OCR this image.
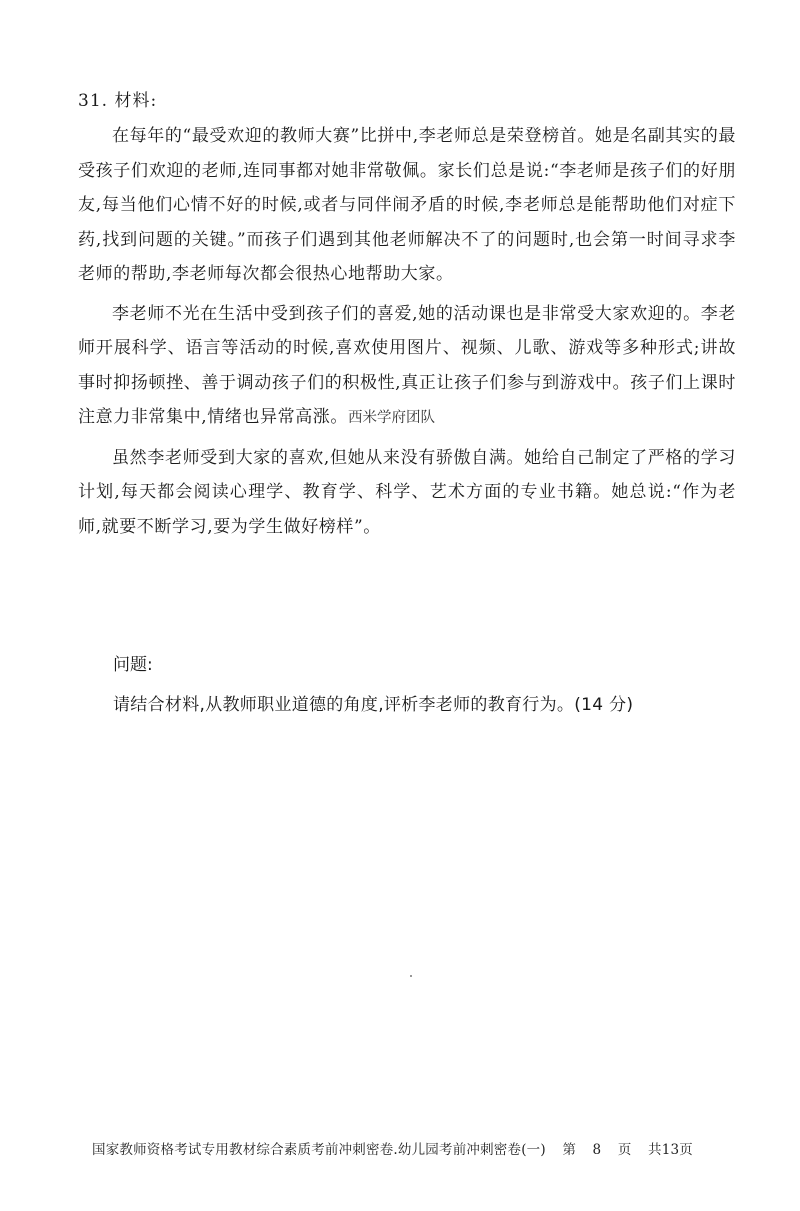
31. 材料:

在每年的“最受欢迎的教师大赛”比拼中,李老师总是荣登榜首。她是名副其实的最受孩子们欢迎的老师,连同事都对她非常敬佩。家长们总是说:“李老师是孩子们的好朋友,每当他们心情不好的时候,或者与同伴闹矛盾的时候,李老师总是能帮助他们对症下药,找到问题的关键。”而孩子们遇到其他老师解决不了的问题时,也会第一时间寻求李老师的帮助,李老师每次都会很热心地帮助大家。

李老师不光在生活中受到孩子们的喜爱,她的活动课也是非常受大家欢迎的。李老师开展科学、语言等活动的时候,喜欢使用图片、视频、儿歌、游戏等多种形式;讲故事时抑扬顿挫、善于调动孩子们的积极性,真正让孩子们参与到游戏中。孩子们上课时注意力非常集中,情绪也异常高涨。西米学府团队

虽然李老师受到大家的喜欢,但她从来没有骄傲自满。她给自己制定了严格的学习计划,每天都会阅读心理学、教育学、科学、艺术方面的专业书籍。她总说:“作为老师,就要不断学习,要为学生做好榜样”。

问题:
请结合材料,从教师职业道德的角度,评析李老师的教育行为。(14 分)
国家教师资格考试专用教材综合素质考前冲刺密卷.幼儿园考前冲刺密卷(一) 第 8 页 共13页
